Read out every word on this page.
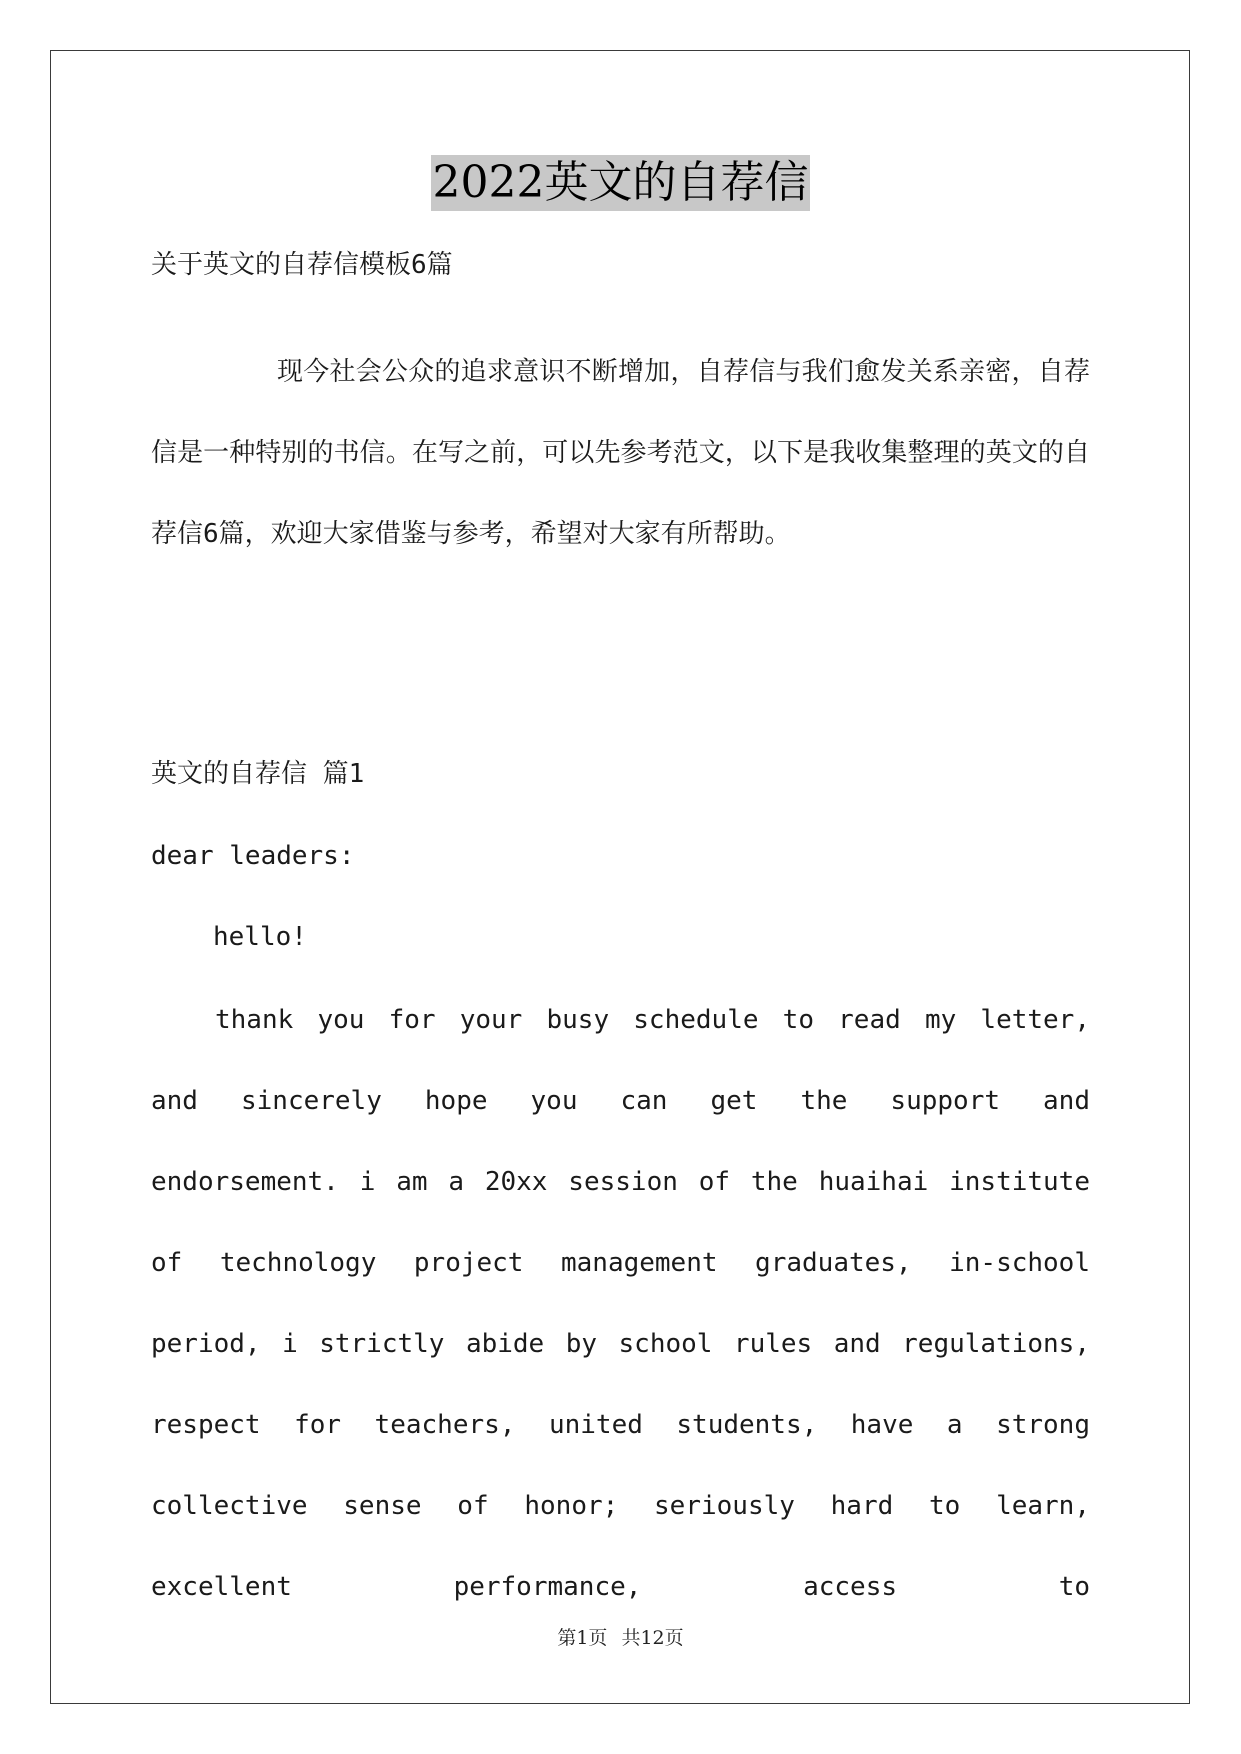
2022英文的自荐信

关于英文的自荐信模板6篇

现今社会公众的追求意识不断增加，自荐信与我们愈发关系亲密，自荐信是一种特别的书信。在写之前，可以先参考范文，以下是我收集整理的英文的自荐信6篇，欢迎大家借鉴与参考，希望对大家有所帮助。

英文的自荐信 篇1

dear leaders:

hello!

thank you for your busy schedule to read my letter, and sincerely hope you can get the support and endorsement. i am a 20xx session of the huaihai institute of technology project management graduates, in-school period, i strictly abide by school rules and regulations, respect for teachers, united students, have a strong collective sense of honor; seriously hard to learn, excellent performance, access to

第1页 共12页
